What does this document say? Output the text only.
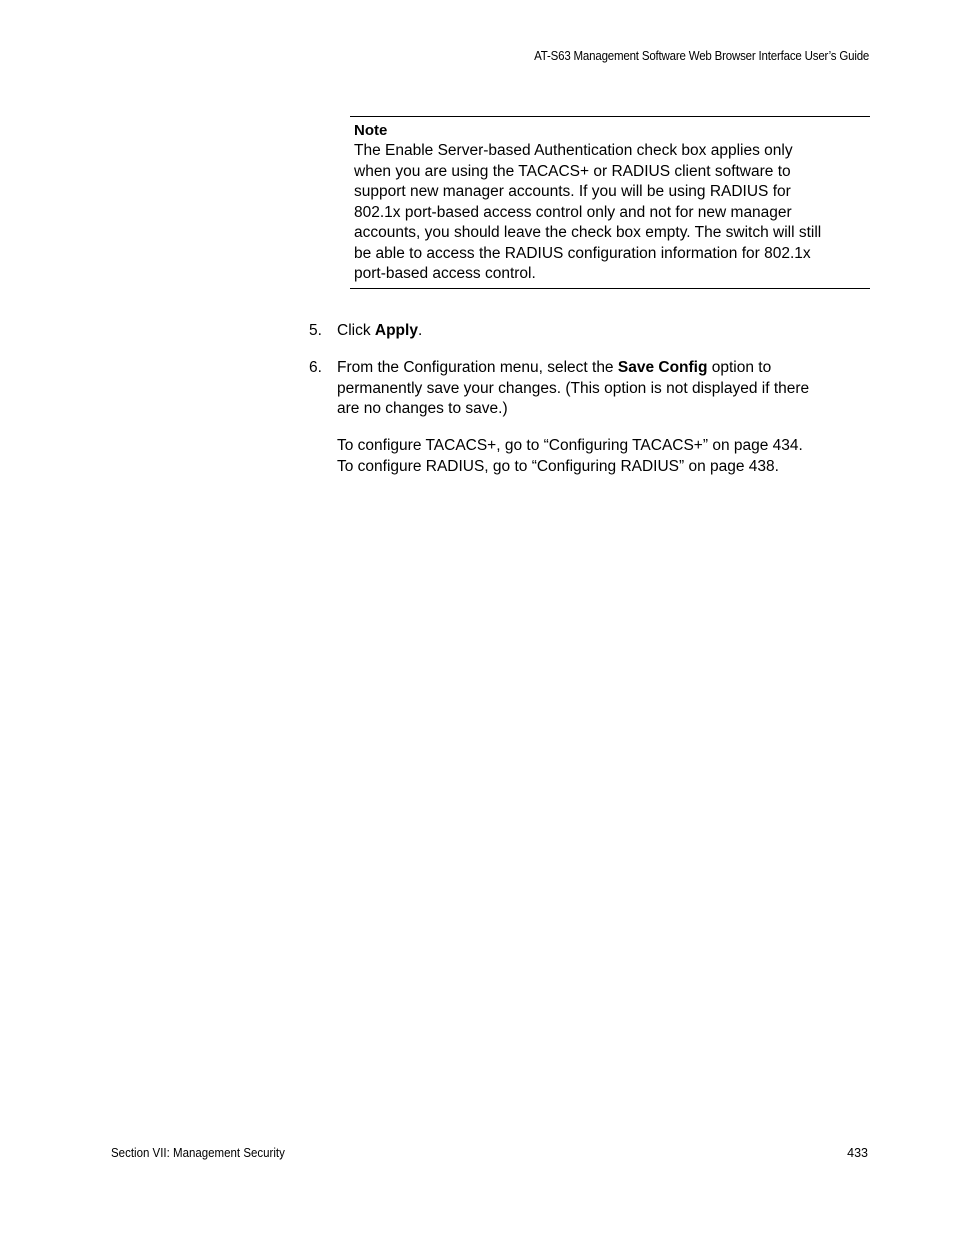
AT-S63 Management Software Web Browser Interface User’s Guide
Note
The Enable Server-based Authentication check box applies only
when you are using the TACACS+ or RADIUS client software to
support new manager accounts. If you will be using RADIUS for
802.1x port-based access control only and not for new manager
accounts, you should leave the check box empty. The switch will still
be able to access the RADIUS configuration information for 802.1x
port-based access control.
5. Click Apply.
6. From the Configuration menu, select the Save Config option to
permanently save your changes. (This option is not displayed if there
are no changes to save.)
To configure TACACS+, go to “Configuring TACACS+” on page 434.
To configure RADIUS, go to “Configuring RADIUS” on page 438.
Section VII: Management Security	433
